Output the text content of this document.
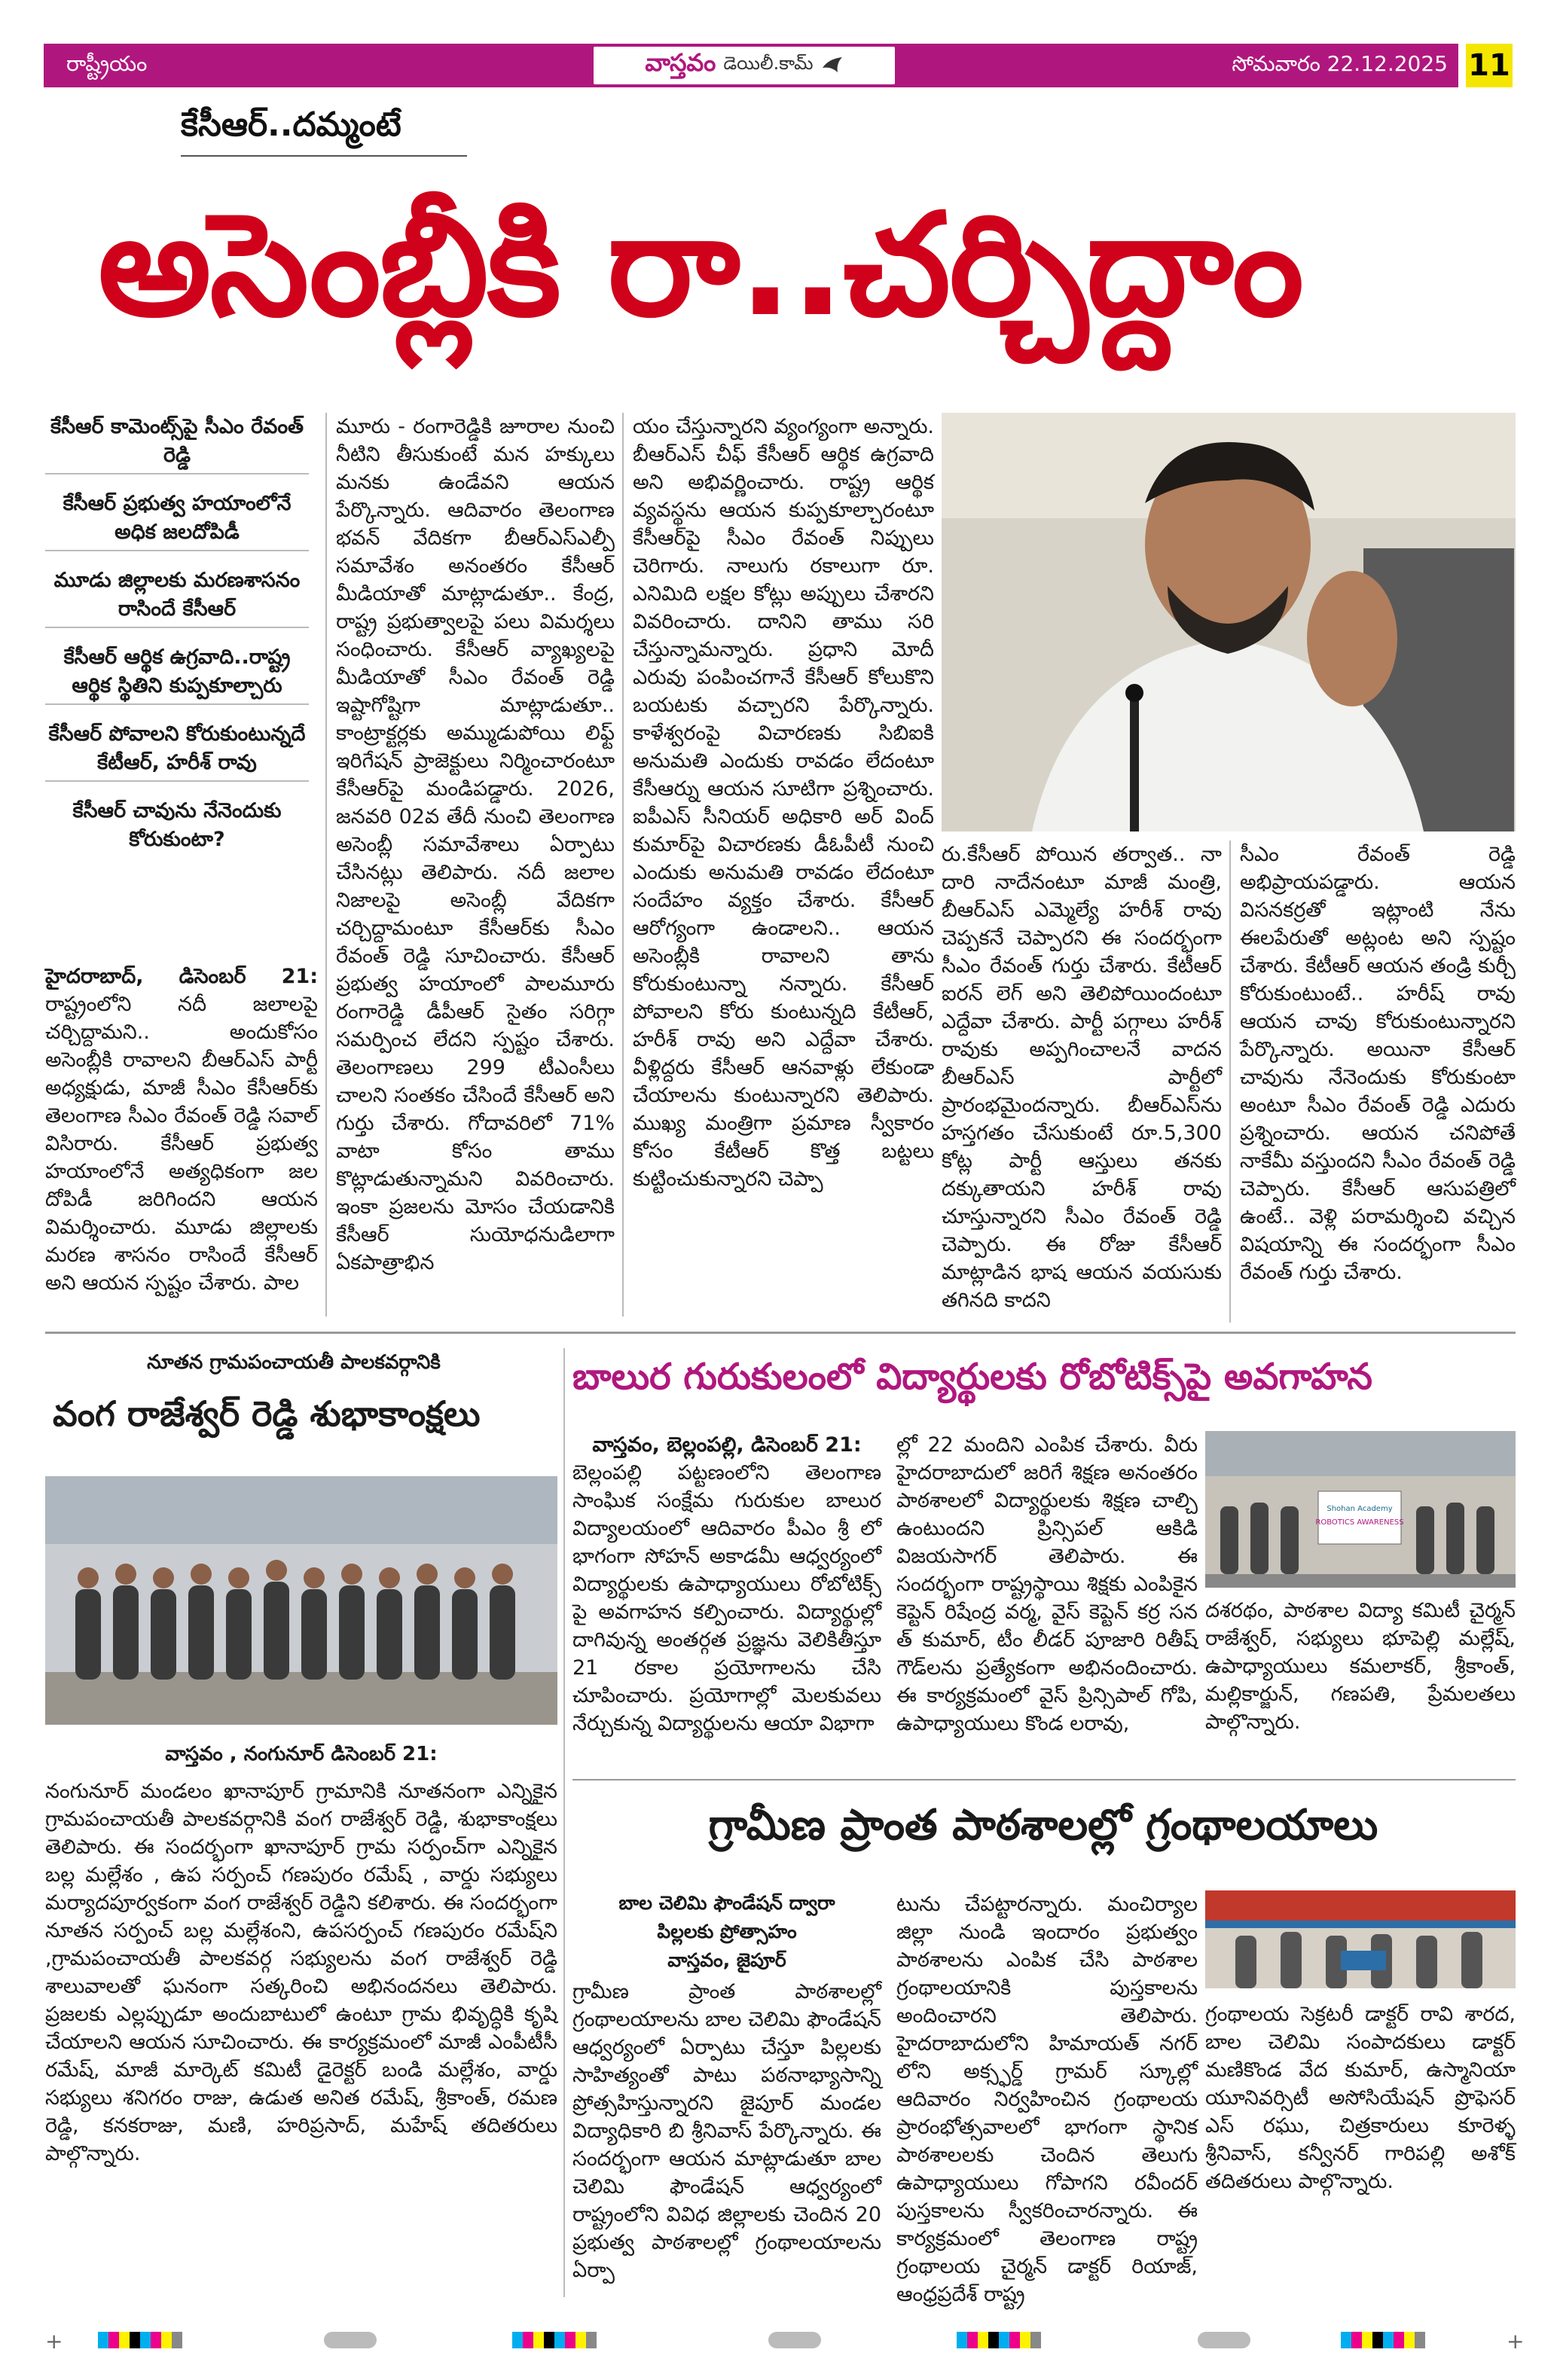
రాష్ట్రీయం	వాస్తవం డెయిలీ.కామ్	సోమవారం 22.12.2025 11
కేసీఆర్..దమ్మంటే
అసెంబ్లీకి రా..చర్చిద్దాం
కేసీఆర్ కామెంట్స్‌పై సీఎం రేవంత్ రెడ్డి
కేసీఆర్ ప్రభుత్వ హయాంలోనే అధిక జలదోపిడీ
మూడు జిల్లాలకు మరణశాసనం రాసిందే కేసీఆర్
కేసీఆర్ ఆర్థిక ఉగ్రవాది..రాష్ట్ర ఆర్థిక స్థితిని కుప్పకూల్చారు
కేసీఆర్ పోవాలని కోరుకుంటున్నదే కేటీఆర్, హరీశ్ రావు
కేసీఆర్ చావును నేనెందుకు కోరుకుంటా?
హైదరాబాద్, డిసెంబర్ 21: రాష్ట్రంలోని నదీ జలాలపై చర్చిద్దామని.. అందుకోసం అసెంబ్లీకి రావాలని బీఆర్ఎస్ పార్టీ అధ్యక్షుడు, మాజీ సీఎం కేసీఆర్‌కు తెలంగాణ సీఎం రేవంత్ రెడ్డి సవాల్ విసిరారు. కేసీఆర్ ప్రభుత్వ హయాంలోనే అత్యధికంగా జల దోపిడీ జరిగిందని ఆయన విమర్శించారు. మూడు జిల్లాలకు మరణ శాసనం రాసిందే కేసీఆర్ అని ఆయన స్పష్టం చేశారు. పాల
మూరు - రంగారెడ్డికి జూరాల నుంచి నీటిని తీసుకుంటే మన హక్కులు మనకు ఉండేవని ఆయన పేర్కొన్నారు. ఆదివారం తెలంగాణ భవన్ వేదికగా బీఆర్ఎస్ఎల్పీ సమావేశం అనంతరం కేసీఆర్ మీడియాతో మాట్లాడుతూ.. కేంద్ర, రాష్ట్ర ప్రభుత్వాలపై పలు విమర్శలు సంధించారు. కేసీఆర్ వ్యాఖ్యలపై మీడియాతో సీఎం రేవంత్ రెడ్డి ఇష్టాగోష్టిగా మాట్లాడుతూ.. కాంట్రాక్టర్లకు అమ్ముడుపోయి లిఫ్ట్ ఇరిగేషన్ ప్రాజెక్టులు నిర్మించారంటూ కేసీఆర్‌పై మండిపడ్డారు. 2026, జనవరి 02వ తేదీ నుంచి తెలంగాణ అసెంబ్లీ సమావేశాలు ఏర్పాటు చేసినట్లు తెలిపారు. నదీ జలాల నిజాలపై అసెంబ్లీ వేదికగా చర్చిద్దామంటూ కేసీఆర్‌కు సీఎం రేవంత్ రెడ్డి సూచించారు. కేసీఆర్ ప్రభుత్వ హయాంలో పాలమూరు రంగారెడ్డి డీపీఆర్ సైతం సరిగ్గా సమర్పించ లేదని స్పష్టం చేశారు. తెలంగాణలు 299 టీఎంసీలు చాలని సంతకం చేసిందే కేసీఆర్ అని గుర్తు చేశారు. గోదావరిలో 71% వాటా కోసం తాము కొట్లాడుతున్నామని వివరించారు. ఇంకా ప్రజలను మోసం చేయడానికి కేసీఆర్ సుయోధనుడిలాగా ఏకపాత్రాభిన
యం చేస్తున్నారని వ్యంగ్యంగా అన్నారు. బీఆర్ఎస్ చీఫ్ కేసీఆర్ ఆర్థిక ఉగ్రవాది అని అభివర్ణించారు. రాష్ట్ర ఆర్థిక వ్యవస్థను ఆయన కుప్పకూల్చారంటూ కేసీఆర్‌పై సీఎం రేవంత్ నిప్పులు చెరిగారు. నాలుగు రకాలుగా రూ. ఎనిమిది లక్షల కోట్లు అప్పులు చేశారని వివరించారు. దానిని తాము సరి చేస్తున్నామన్నారు. ప్రధాని మోదీ ఎరువు పంపించగానే కేసీఆర్ కోలుకొని బయటకు వచ్చారని పేర్కొన్నారు. కాళేశ్వరంపై విచారణకు సిబిఐకి అనుమతి ఎందుకు రావడం లేదంటూ కేసీఆర్ను ఆయన సూటిగా ప్రశ్నించారు. ఐపీఎస్ సీనియర్ అధికారి అర్ వింద్ కుమార్‌పై విచారణకు డీఓపీటీ నుంచి ఎందుకు అనుమతి రావడం లేదంటూ సందేహం వ్యక్తం చేశారు. కేసీఆర్ ఆరోగ్యంగా ఉండాలని.. ఆయన అసెంబ్లీకి రావాలని తాను కోరుకుంటున్నా నన్నారు. కేసీఆర్ పోవాలని కోరు కుంటున్నది కేటీఆర్, హరీశ్ రావు అని ఎద్దేవా చేశారు. వీళ్లిద్దరు కేసీఆర్ ఆనవాళ్లు లేకుండా చేయాలను కుంటున్నారని తెలిపారు. ముఖ్య మంత్రిగా ప్రమాణ స్వీకారం కోసం కేటీఆర్ కొత్త బట్టలు కుట్టించుకున్నారని చెప్పా
రు.కేసీఆర్ పోయిన తర్వాత.. నా దారి నాదేనంటూ మాజీ మంత్రి, బీఆర్ఎస్ ఎమ్మెల్యే హరీశ్ రావు చెప్పకనే చెప్పారని ఈ సందర్భంగా సీఎం రేవంత్ గుర్తు చేశారు. కేటీఆర్ ఐరన్ లెగ్ అని తెలిపోయిందంటూ ఎద్దేవా చేశారు. పార్టీ పగ్గాలు హరీశ్ రావుకు అప్పగించాలనే వాదన బీఆర్ఎస్ పార్టీలో ప్రారంభమైందన్నారు. బీఆర్ఎస్‌ను హస్తగతం చేసుకుంటే రూ.5,300 కోట్ల పార్టీ ఆస్తులు తనకు దక్కుతాయని హరీశ్ రావు చూస్తున్నారని సీఎం రేవంత్ రెడ్డి చెప్పారు. ఈ రోజు కేసీఆర్ మాట్లాడిన భాష ఆయన వయసుకు తగినది కాదని
సీఎం రేవంత్ రెడ్డి అభిప్రాయపడ్డారు. ఆయన విసనకర్రతో ఇట్లాంటి నేను ఈలపేరుతో అట్లంట అని స్పష్టం చేశారు. కేటీఆర్ ఆయన తండ్రి కుర్చీ కోరుకుంటుంటే.. హరీష్ రావు ఆయన చావు కోరుకుంటున్నారని పేర్కొన్నారు. అయినా కేసీఆర్ చావును నేనెందుకు కోరుకుంటా అంటూ సీఎం రేవంత్ రెడ్డి ఎదురు ప్రశ్నించారు. ఆయన చనిపోతే నాకేమీ వస్తుందని సీఎం రేవంత్ రెడ్డి చెప్పారు. కేసీఆర్ ఆసుపత్రిలో ఉంటే.. వెళ్లి పరామర్శించి వచ్చిన విషయాన్ని ఈ సందర్భంగా సీఎం రేవంత్ గుర్తు చేశారు.
నూతన గ్రామపంచాయతీ పాలకవర్గానికి
వంగ రాజేశ్వర్ రెడ్డి శుభాకాంక్షలు
వాస్తవం , నంగునూర్ డిసెంబర్ 21:
నంగునూర్ మండలం ఖానాపూర్ గ్రామానికి నూతనంగా ఎన్నికైన గ్రామపంచాయతీ పాలకవర్గానికి వంగ రాజేశ్వర్ రెడ్డి, శుభాకాంక్షలు తెలిపారు. ఈ సందర్భంగా ఖానాపూర్ గ్రామ సర్పంచ్‌గా ఎన్నికైన బల్ల మల్లేశం , ఉప సర్పంచ్ గణపురం రమేష్ , వార్డు సభ్యులు మర్యాదపూర్వకంగా వంగ రాజేశ్వర్ రెడ్డిని కలిశారు. ఈ సందర్భంగా నూతన సర్పంచ్ బల్ల మల్లేశంని, ఉపసర్పంచ్ గణపురం రమేష్‌ని ,గ్రామపంచాయతీ పాలకవర్గ సభ్యులను వంగ రాజేశ్వర్ రెడ్డి శాలువాలతో ఘనంగా సత్కరించి అభినందనలు తెలిపారు. ప్రజలకు ఎల్లప్పుడూ అందుబాటులో ఉంటూ గ్రామ భివృద్ధికి కృషి చేయాలని ఆయన సూచించారు. ఈ కార్యక్రమంలో మాజీ ఎంపీటీసీ రమేష్, మాజీ మార్కెట్ కమిటీ డైరెక్టర్ బండి మల్లేశం, వార్డు సభ్యులు శనిగరం రాజు, ఉడుత అనిత రమేష్, శ్రీకాంత్, రమణ రెడ్డి, కనకరాజు, మణి, హరిప్రసాద్, మహేష్ తదితరులు పాల్గొన్నారు.
బాలుర గురుకులంలో విద్యార్థులకు రోబోటిక్స్‌పై అవగాహన
వాస్తవం, బెల్లంపల్లి, డిసెంబర్ 21:
బెల్లంపల్లి పట్టణంలోని తెలంగాణ సాంఘిక సంక్షేమ గురుకుల బాలుర విద్యాలయంలో ఆదివారం పీఎం శ్రీ లో భాగంగా సోహన్ అకాడమీ ఆధ్వర్యంలో విద్యార్థులకు ఉపాధ్యాయులు రోబోటిక్స్ పై అవగాహన కల్పించారు. విద్యార్థుల్లో దాగివున్న అంతర్గత ప్రజ్ఞను వెలికితీస్తూ 21 రకాల ప్రయోగాలను చేసి చూపించారు. ప్రయోగాల్లో మెలకువలు నేర్చుకున్న విద్యార్థులను ఆయా విభాగా
ల్లో 22 మందిని ఎంపిక చేశారు. వీరు హైదరాబాదులో జరిగే శిక్షణ అనంతరం పాఠశాలలో విద్యార్థులకు శిక్షణ చాల్చి ఉంటుందని ప్రిన్సిపల్ ఆకిడి విజయసాగర్ తెలిపారు. ఈ సందర్భంగా రాష్ట్రస్థాయి శిక్షకు ఎంపికైన కెప్టెన్ రిషేంద్ర వర్మ, వైస్ కెప్టెన్ కర్ర సన త్ కుమార్, టీం లీడర్ పూజారి రితీష్ గౌడ్‌లను ప్రత్యేకంగా అభినందించారు. ఈ కార్యక్రమంలో వైస్ ప్రిన్సిపాల్ గోపి, ఉపాధ్యాయులు కొండ లరావు,
Shohan Academy
ROBOTICS AWARENESS
దశరథం, పాఠశాల విద్యా కమిటీ చైర్మన్ రాజేశ్వర్, సభ్యులు భూపెల్లి మల్లేష్, ఉపాధ్యాయులు కమలాకర్, శ్రీకాంత్, మల్లికార్జున్, గణపతి, ప్రేమలతలు పాల్గొన్నారు.
గ్రామీణ ప్రాంత పాఠశాలల్లో గ్రంథాలయాలు
బాల చెలిమి ఫౌండేషన్ ద్వారా
పిల్లలకు ప్రోత్సాహం
వాస్తవం, జైపూర్
గ్రామీణ ప్రాంత పాఠశాలల్లో గ్రంథాలయాలను బాల చెలిమి ఫౌండేషన్ ఆధ్వర్యంలో ఏర్పాటు చేస్తూ పిల్లలకు సాహిత్యంతో పాటు పఠనాభ్యాసాన్ని ప్రోత్సహిస్తున్నారని జైపూర్ మండల విద్యాధికారి బి శ్రీనివాస్ పేర్కొన్నారు. ఈ సందర్భంగా ఆయన మాట్లాడుతూ బాల చెలిమి ఫౌండేషన్ ఆధ్వర్యంలో రాష్ట్రంలోని వివిధ జిల్లాలకు చెందిన 20 ప్రభుత్వ పాఠశాలల్లో గ్రంథాలయాలను ఏర్పా
టును చేపట్టారన్నారు. మంచిర్యాల జిల్లా నుండి ఇందారం ప్రభుత్వం పాఠశాలను ఎంపిక చేసి పాఠశాల గ్రంథాలయానికి పుస్తకాలను అందించారని తెలిపారు. హైదరాబాదులోని హిమాయత్ నగర్ లోని అక్స్ఫర్డ్ గ్రామర్ స్కూల్లో ఆదివారం నిర్వహించిన గ్రంథాలయ ప్రారంభోత్సవాలలో భాగంగా స్థానిక పాఠశాలలకు చెందిన తెలుగు ఉపాధ్యాయులు గోపాగని రవీందర్ పుస్తకాలను స్వీకరించారన్నారు. ఈ కార్యక్రమంలో తెలంగాణ రాష్ట్ర గ్రంథాలయ చైర్మన్ డాక్టర్ రియాజ్, ఆంధ్రప్రదేశ్ రాష్ట్ర
గ్రంథాలయ సెక్రటరీ డాక్టర్ రావి శారద, బాల చెలిమి సంపాదకులు డాక్టర్ మణికొండ వేద కుమార్, ఉస్మానియా యూనివర్సిటీ అసోసియేషన్ ప్రొఫెసర్ ఎస్ రఘు, చిత్రకారులు కూరెళ్ళ శ్రీనివాస్, కన్వీనర్ గారిపల్లి అశోక్ తదితరులు పాల్గొన్నారు.
+	+
